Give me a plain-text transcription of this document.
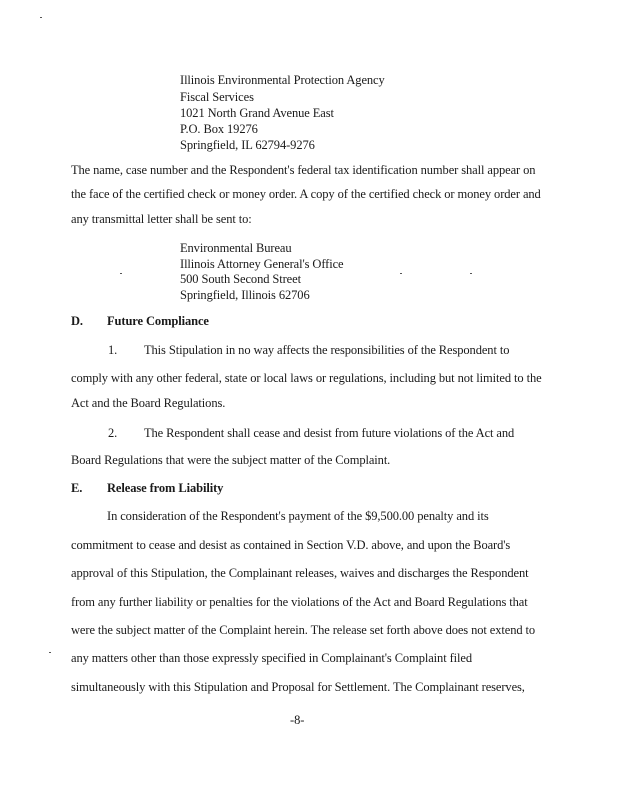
Illinois Environmental Protection Agency
Fiscal Services
1021 North Grand Avenue East
P.O. Box 19276
Springfield, IL 62794-9276
The name, case number and the Respondent's federal tax identification number shall appear on
the face of the certified check or money order. A copy of the certified check or money order and
any transmittal letter shall be sent to:
Environmental Bureau
Illinois Attorney General's Office
500 South Second Street
Springfield, Illinois 62706
D. Future Compliance
1. This Stipulation in no way affects the responsibilities of the Respondent to
comply with any other federal, state or local laws or regulations, including but not limited to the
Act and the Board Regulations.
2. The Respondent shall cease and desist from future violations of the Act and
Board Regulations that were the subject matter of the Complaint.
E. Release from Liability
In consideration of the Respondent's payment of the $9,500.00 penalty and its
commitment to cease and desist as contained in Section V.D. above, and upon the Board's
approval of this Stipulation, the Complainant releases, waives and discharges the Respondent
from any further liability or penalties for the violations of the Act and Board Regulations that
were the subject matter of the Complaint herein. The release set forth above does not extend to
any matters other than those expressly specified in Complainant's Complaint filed
simultaneously with this Stipulation and Proposal for Settlement. The Complainant reserves,
-8-
